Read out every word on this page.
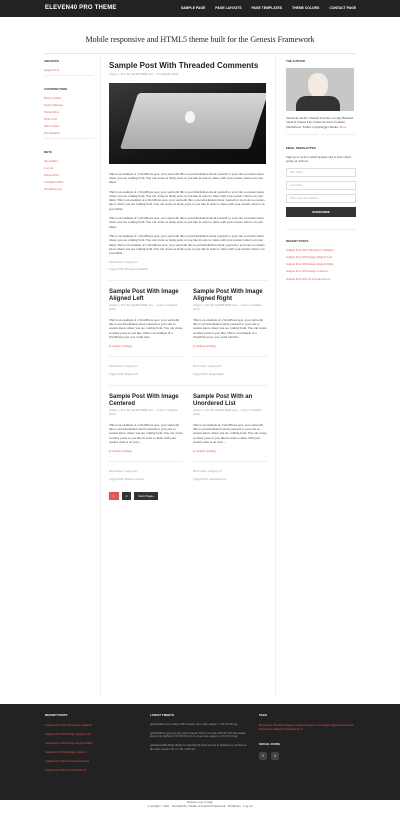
ELEVEN40 PRO THEME	SAMPLE PAGE	PAGE LAYOUTS	PAGE TEMPLATES	THEME COLORS	CONTACT PAGE
Mobile responsive and HTML5 theme built for the Genesis Framework
ARCHIVES
August 2011
CONTRIBUTORS
Brian Gardner
Lauren Mancke
Nathan Rice
Nick Croft
Rafal Tomal
Ron Rennick
META
Site Admin
Log out
Entries RSS
Comments RSS
WordPress.org
Sample Post With Threaded Comments
August 1, 2011 By rspPERFORM.com — 8 Comments (Edit)
This is an example of a WordPress post, you could edit this to put information about yourself or your site so readers know where you are coming from. You can create as many posts as you like in order to share with your readers what is on your mind.
This is an example of a WordPress post, you could edit this to put information about yourself or your site so readers know where you are coming from. You can create as many posts as you like in order to share with your readers what is on your mind. This is an example of a WordPress post, you could edit this to put information about yourself or your site so readers know where you are coming from. You can create as many posts as you like in order to share with your readers what is on your mind.
This is an example of a WordPress post, you could edit this to put information about yourself or your site so readers know where you are coming from. You can create as many posts as you like in order to share with your readers what is on your mind.
This is an example of a WordPress post, you could edit this to put information about yourself or your site so readers know where you are coming from. You can create as many posts as you like in order to share with your readers what is on your mind. This is an example of a WordPress post, you could edit this to put information about yourself or your site so readers know where you are coming from. You can create as many posts as you like in order to share with your readers what is on your mind.
Filed Under: Category #1
Tagged With: Threaded Comments
Sample Post With Image Aligned Left
August 1, 2011 By rspPERFORM.com — Leave a Comment (Edit)
This is an example of a WordPress post, you could edit this to put information about yourself or your site so readers know where you are coming from. You can create as many posts as you like. This is an example of a WordPress post, you could edit...
[Continue reading]
Filed Under: Category #1
Tagged With: Images Left
Sample Post With Image Aligned Right
August 1, 2011 By rspPERFORM.com — Leave a Comment (Edit)
This is an example of a WordPress post, you could edit this to put information about yourself or your site so readers know where you are coming from. You can create as many posts as you like. This is an example of a WordPress post, you could edit this...
[Continue reading]
Filed Under: Category #2
Tagged With: Images Right
Sample Post With Image Centered
August 1, 2011 By rspPERFORM.com — Leave a Comment (Edit)
This is an example of a WordPress post, you could edit this to put information about yourself or your site so readers know where you are coming from. You can create as many posts as you like in order to share with your readers what is on your ...
[Continue reading]
Filed Under: Category #1
Tagged With: Images Centered
Sample Post With an Unordered List
August 1, 2011 By rspPERFORM.com — Leave a Comment (Edit)
This is an example of a WordPress post, you could edit this to put information about yourself or your site so readers know where you are coming from. You can create as many posts as you like in order to share with your readers what is on your ...
[Continue reading]
Filed Under: Category #2
Tagged With: Unordered List
1	2	Next Page»
THE AUTHOR
Starbucks Addict. Nomad Traveler. Loving Husband. Steak N Cheese Fan. Future Investor. Founder StudioPress. Father. Copyblogger Media. More
EMAIL NEWSLETTER
Sign up to receive email updates and to hear what's going on with us!
First Name...
Last Name...
Enter your email address...
SUBSCRIBE
RECENT POSTS
Sample Post With Threaded Comments
Sample Post With Image Aligned Left
Sample Post With Image Aligned Right
Sample Post With Image Centered
Sample Post With an Unordered List
RECENT POSTS
Sample Post With Threaded Comments
Sample Post With Image Aligned Left
Sample Post With Image Aligned Right
Sample Post With Image Centered
Sample Post With an Unordered List
Sample Post With an Ordered List
LATEST TWEETS
@StudioPress we rocking 'Wifi Genesis 1.9 b' style. August 1, 2011 01:09 ago
@StudioPress good job on a quick release! Versi 1.5 works with WP 3.8? then makes about your platform. 3:25 PM Feb 1st via tweet test. August 1, 2011 07:10 ago
@themesgriffin Huge thanks for showing the latest version of Studiopress, and here is the latest version. Feb 11, 2011 4:06 am
TAGS
Blockquote Headline Images Centered Images Left Images Right Ordered List Threaded Comments Unordered List
SOCIAL ICONS
f	t
Return to top of page
Copyright © 2021 · eleven40 Pro Theme on Genesis Framework · WordPress · Log out
